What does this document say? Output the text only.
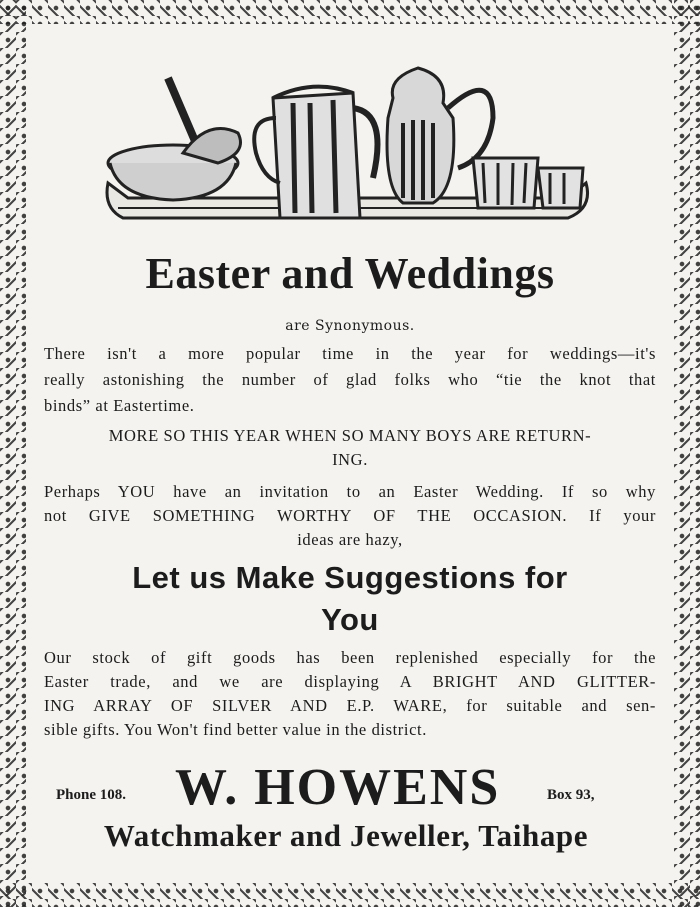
Easter and Weddings

are Synonymous.

There isn't a more popular time in the year for weddings—it's

really astonishing the number of glad folks who “tie the knot that

binds” at Eastertime.

MORE SO THIS YEAR WHEN SO MANY BOYS ARE RETURN-

ING.

Perhaps YOU have an invitation to an Easter Wedding. If so why

not GIVE SOMETHING WORTHY OF THE OCCASION. If your

ideas are hazy,

Let us Make Suggestions for

You

Our stock of gift goods has been replenished especially for the

Easter trade, and we are displaying A BRIGHT AND GLITTER-

ING ARRAY OF SILVER AND E.P. WARE, for suitable and sen-

sible gifts. You Won't find better value in the district.

Phone 108. W. HOWENS	Box 93,

Watchmaker and Jeweller, Taihape
